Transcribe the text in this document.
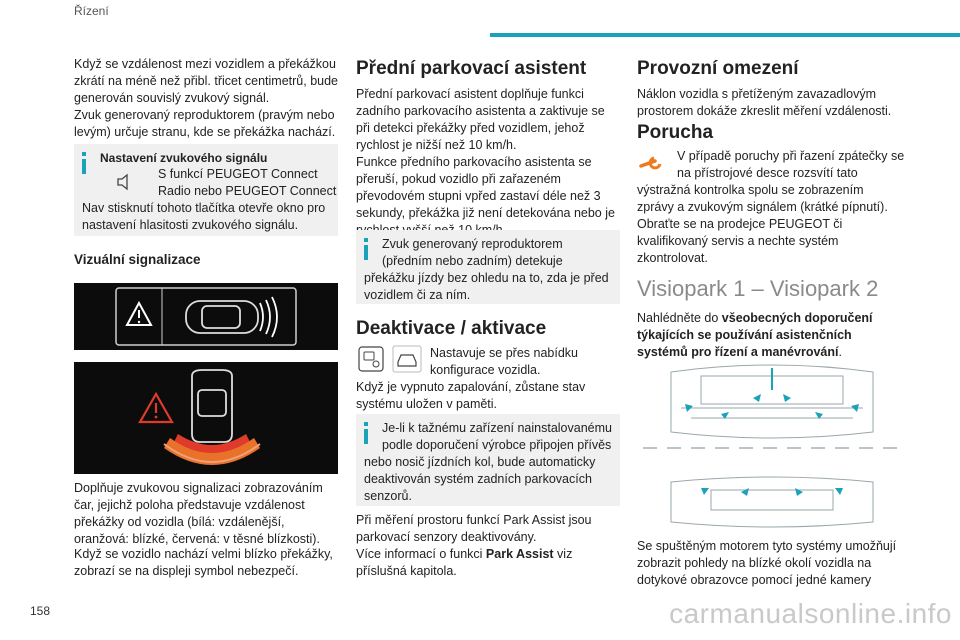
Řízení

Když se vzdálenost mezi vozidlem a překážkou zkrátí na méně než přibl. třicet centimetrů, bude generován souvislý zvukový signál.

Zvuk generovaný reproduktorem (pravým nebo levým) určuje stranu, kde se překážka nachází.

Nastavení zvukového signálu

S funkcí PEUGEOT Connect

Radio nebo PEUGEOT Connect

Nav stisknutí tohoto tlačítka otevře okno pro nastavení hlasitosti zvukového signálu.

Vizuální signalizace

Doplňuje zvukovou signalizaci zobrazováním čar, jejichž poloha představuje vzdálenost překážky od vozidla (bílá: vzdálenější, oranžová: blízké, červená: v těsné blízkosti).

Když se vozidlo nachází velmi blízko překážky, zobrazí se na displeji symbol nebezpečí.

Přední parkovací asistent

Přední parkovací asistent doplňuje funkci zadního parkovacího asistenta a zaktivuje se při detekci překážky před vozidlem, jehož rychlost je nižší než 10 km/h.

Funkce předního parkovacího asistenta se přeruší, pokud vozidlo při zařazeném převodovém stupni vpřed zastaví déle než 3 sekundy, překážka již není detekována nebo je

Zvuk generovaný reproduktorem

(předním nebo zadním) detekuje překážku jízdy bez ohledu na to, zda je před vozidlem či za ním.

Deaktivace / aktivace

Nastavuje se přes nabídku

konfigurace vozidla.

Když je vypnuto zapalování, zůstane stav systému uložen v paměti.

Je-li k tažnému zařízení nainstalovanému

podle doporučení výrobce připojen přívěs nebo nosič jízdních kol, bude automaticky deaktivován systém zadních parkovacích senzorů.

Při měření prostoru funkcí Park Assist jsou parkovací senzory deaktivovány.

Více informací o funkci Park Assist viz příslušná kapitola.

Provozní omezení

Náklon vozidla s přetíženým zavazadlovým prostorem dokáže zkreslit měření vzdálenosti.

Porucha

V případě poruchy při řazení zpátečky se

na přístrojové desce rozsvítí tato

výstražná kontrolka spolu se zobrazením zprávy a zvukovým signálem (krátké pípnutí).

Obraťte se na prodejce PEUGEOT či kvalifikovaný servis a nechte systém zkontrolovat.

Visiopark 1 – Visiopark 2

Nahlédněte do všeobecných doporučení týkajících se používání asistenčních systémů pro řízení a manévrování.

Se spuštěným motorem tyto systémy umožňují zobrazit pohledy na blízké okolí vozidla na dotykové obrazovce pomocí jedné kamery

158	carmanualsonline.info
